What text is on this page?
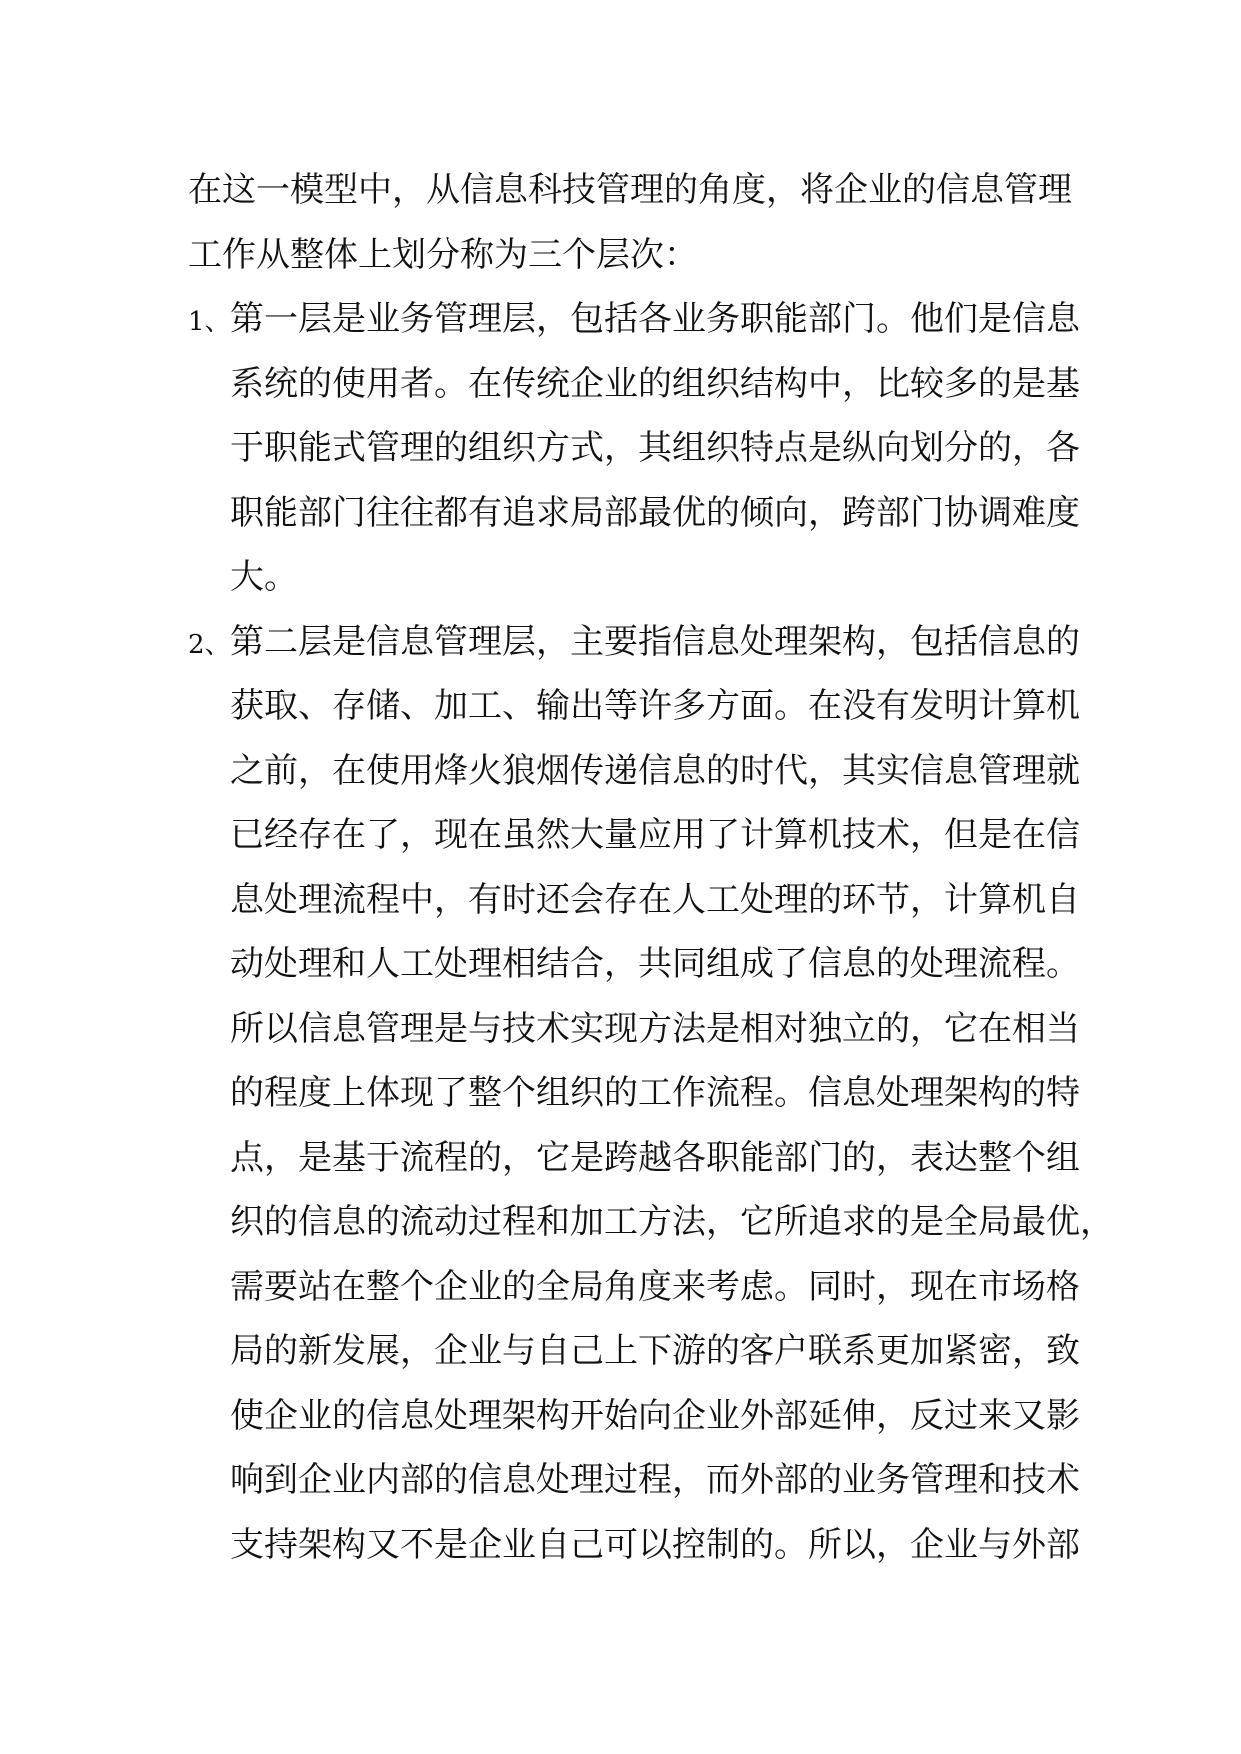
在这一模型中，从信息科技管理的角度，将企业的信息管理
工作从整体上划分称为三个层次：
1、第一层是业务管理层，包括各业务职能部门。他们是信息
系统的使用者。在传统企业的组织结构中，比较多的是基
于职能式管理的组织方式，其组织特点是纵向划分的，各
职能部门往往都有追求局部最优的倾向，跨部门协调难度
大。
2、第二层是信息管理层，主要指信息处理架构，包括信息的
获取、存储、加工、输出等许多方面。在没有发明计算机
之前，在使用烽火狼烟传递信息的时代，其实信息管理就
已经存在了，现在虽然大量应用了计算机技术，但是在信
息处理流程中，有时还会存在人工处理的环节，计算机自
动处理和人工处理相结合，共同组成了信息的处理流程。
所以信息管理是与技术实现方法是相对独立的，它在相当
的程度上体现了整个组织的工作流程。信息处理架构的特
点，是基于流程的，它是跨越各职能部门的，表达整个组
织的信息的流动过程和加工方法，它所追求的是全局最优，
需要站在整个企业的全局角度来考虑。同时，现在市场格
局的新发展，企业与自己上下游的客户联系更加紧密，致
使企业的信息处理架构开始向企业外部延伸，反过来又影
响到企业内部的信息处理过程，而外部的业务管理和技术
支持架构又不是企业自己可以控制的。所以，企业与外部
